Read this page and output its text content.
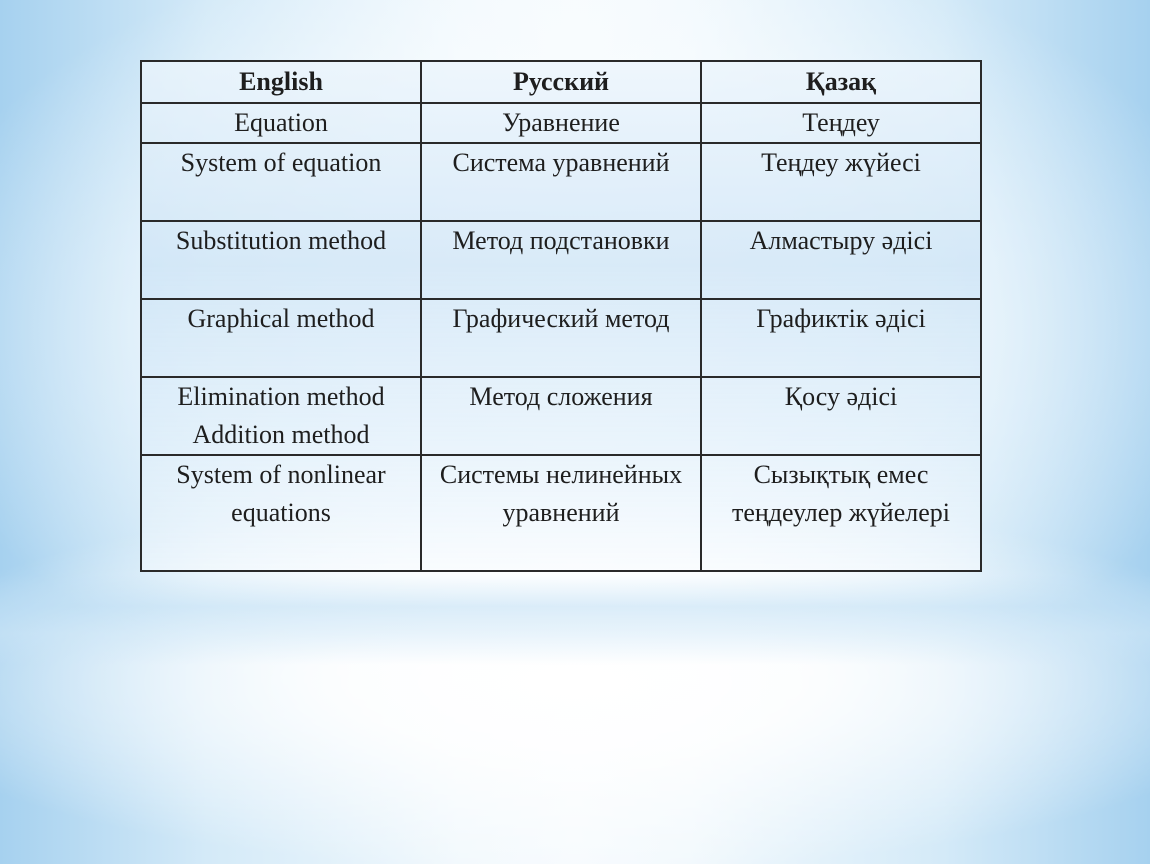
English	Русский	Қазақ
Equation	Уравнение	Теңдеу
System of equation	Система уравнений	Теңдеу жүйесі
Substitution method	Метод подстановки	Алмастыру әдісі
Graphical method	Графический метод	Графиктік әдісі
Elimination method Addition method	Метод сложения	Қосу әдісі
System of nonlinear equations	Системы нелинейных уравнений	Сызықтық емес теңдеулер жүйелері
